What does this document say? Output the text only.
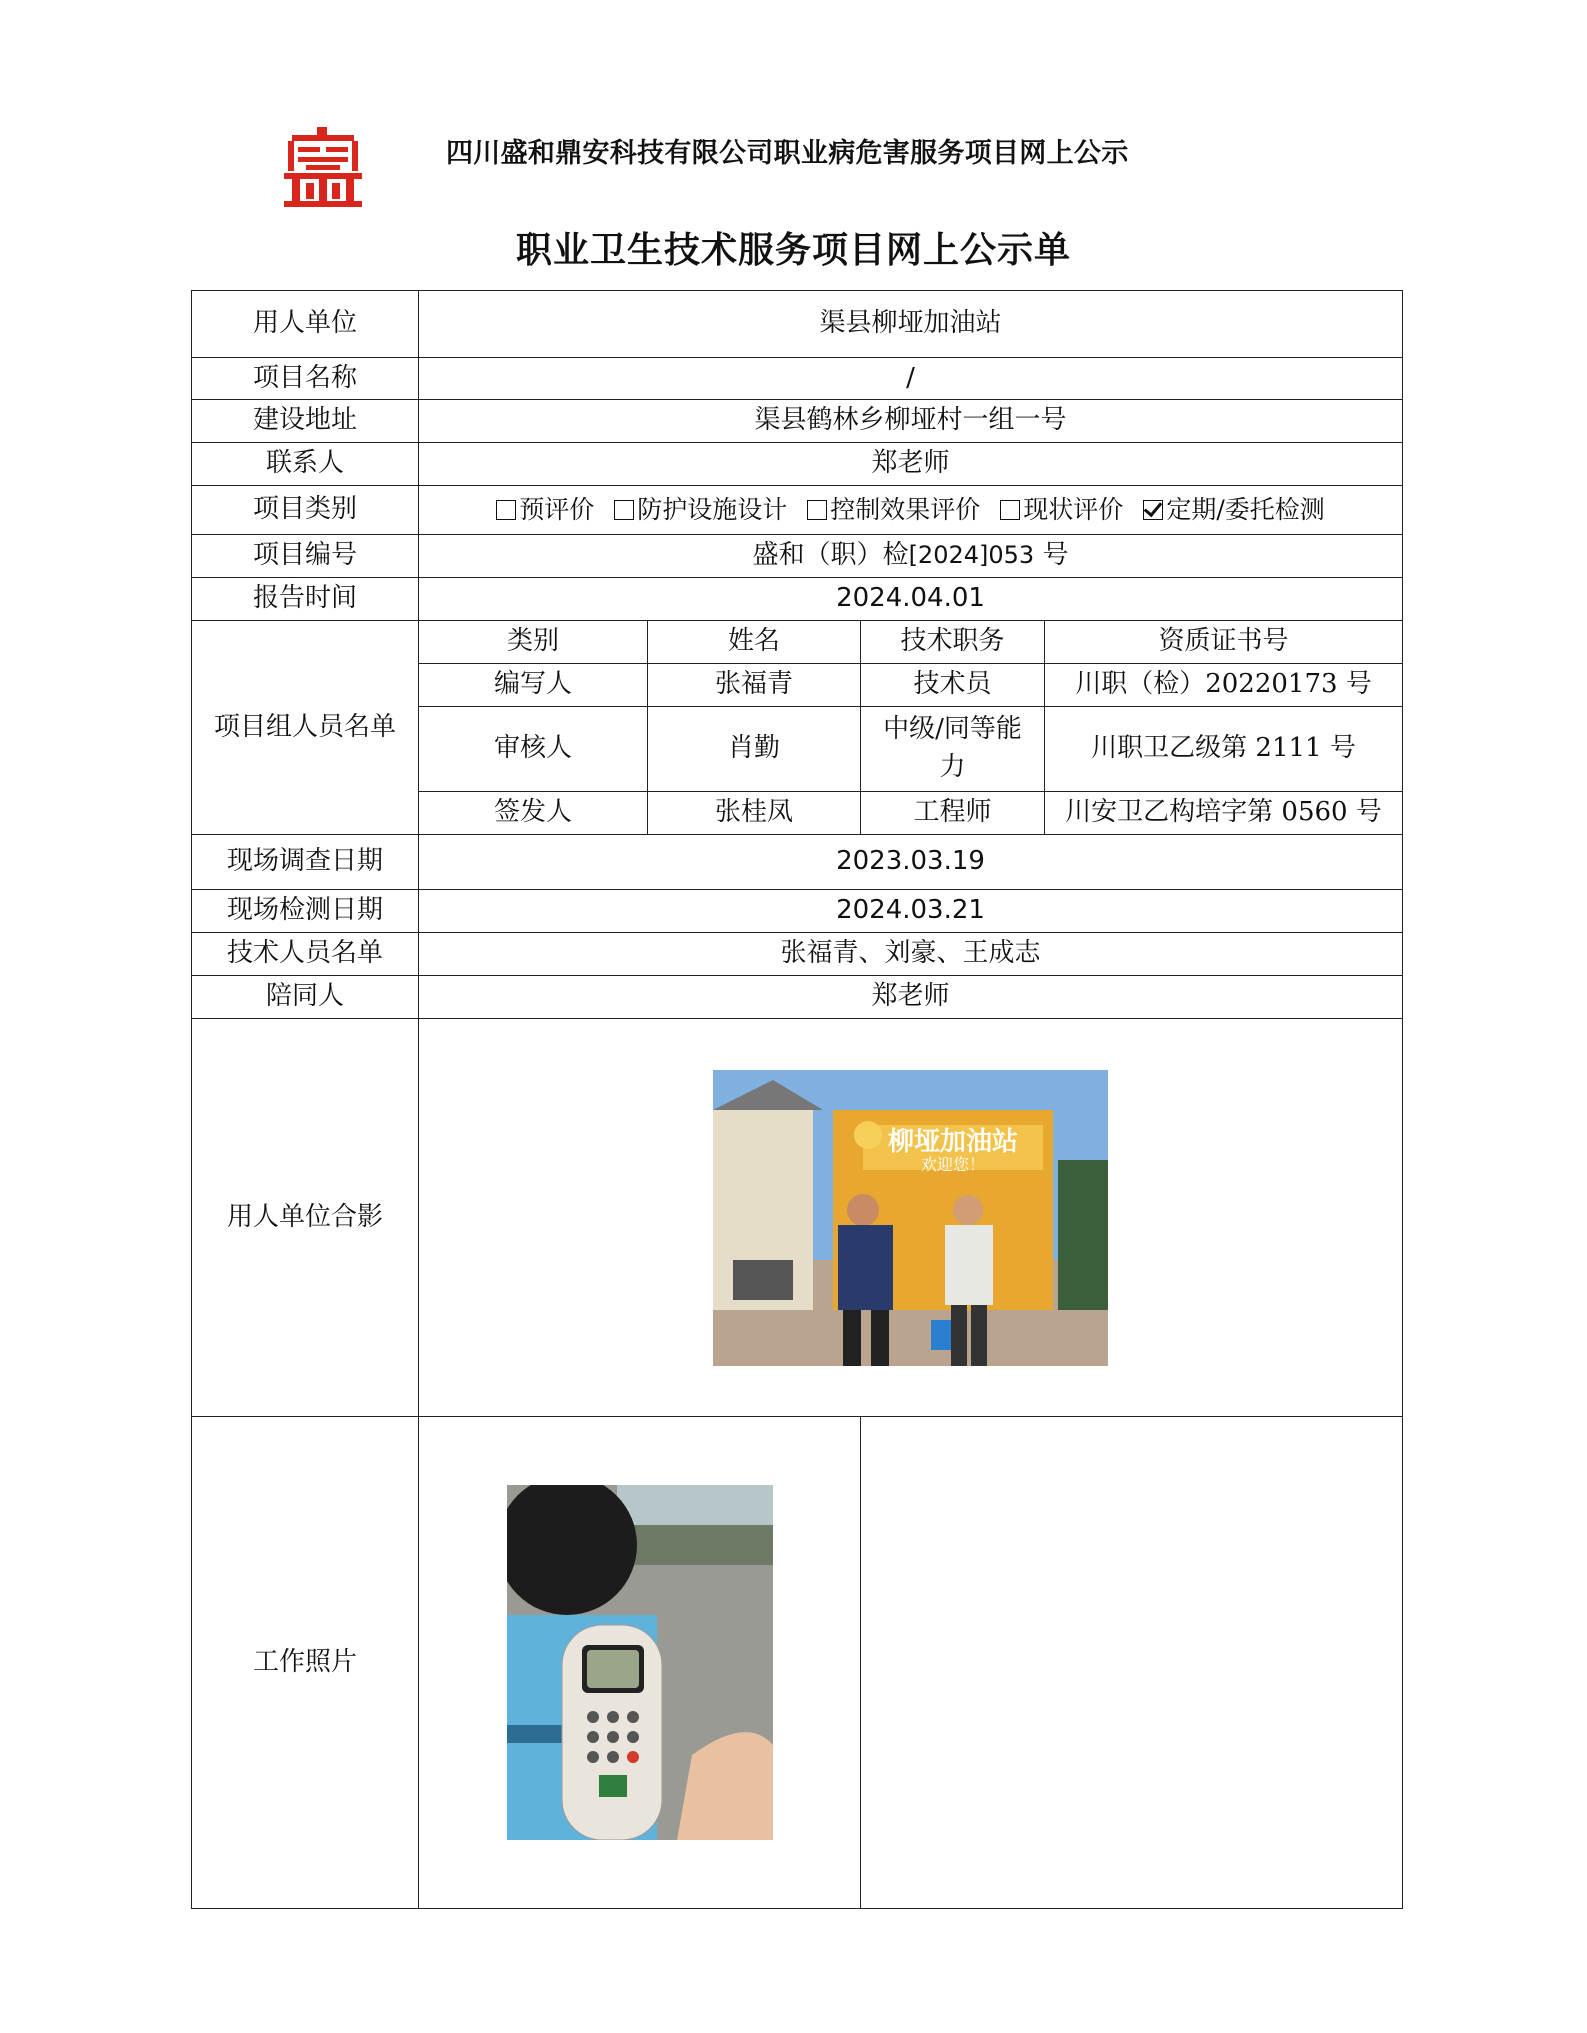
四川盛和鼎安科技有限公司职业病危害服务项目网上公示
职业卫生技术服务项目网上公示单
用人单位	渠县柳垭加油站			
项目名称	/			
建设地址	渠县鹤林乡柳垭村一组一号			
联系人	郑老师			
项目类别	预评价 防护设施设计 控制效果评价 现状评价 定期/委托检测			
项目编号	盛和（职）检[2024]053 号			
报告时间	2024.04.01			
项目组人员名单	类别	姓名	技术职务	资质证书号
	编写人	张福青	技术员	川职（检）20220173 号
	审核人	肖勤	中级/同等能力	川职卫乙级第 2111 号
	签发人	张桂凤	工程师	川安卫乙构培字第 0560 号
现场调查日期	2023.03.19			
现场检测日期	2024.03.21			
技术人员名单	张福青、刘豪、王成志			
陪同人	郑老师			
用人单位合影	柳垭加油站
欢迎您！			

工作照片	
